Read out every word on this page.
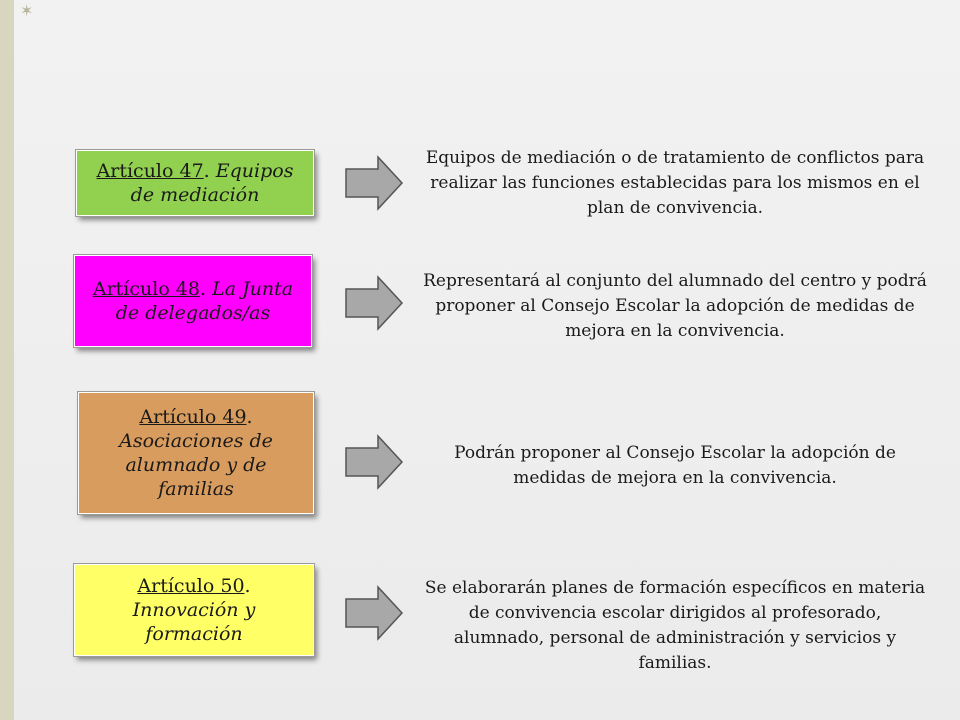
✶
Artículo 47. Equipos de mediación
Equipos de mediación o de tratamiento de conflictos para realizar las funciones establecidas para los mismos en el plan de convivencia.
Artículo 48. La Junta de delegados/as
Representará al conjunto del alumnado del centro y podrá proponer al Consejo Escolar la adopción de medidas de mejora en la convivencia.
Artículo 49. Asociaciones de alumnado y de familias
Podrán proponer al Consejo Escolar la adopción de medidas de mejora en la convivencia.
Artículo 50. Innovación y formación
Se elaborarán planes de formación específicos en materia de convivencia escolar dirigidos al profesorado, alumnado, personal de administración y servicios y familias.
